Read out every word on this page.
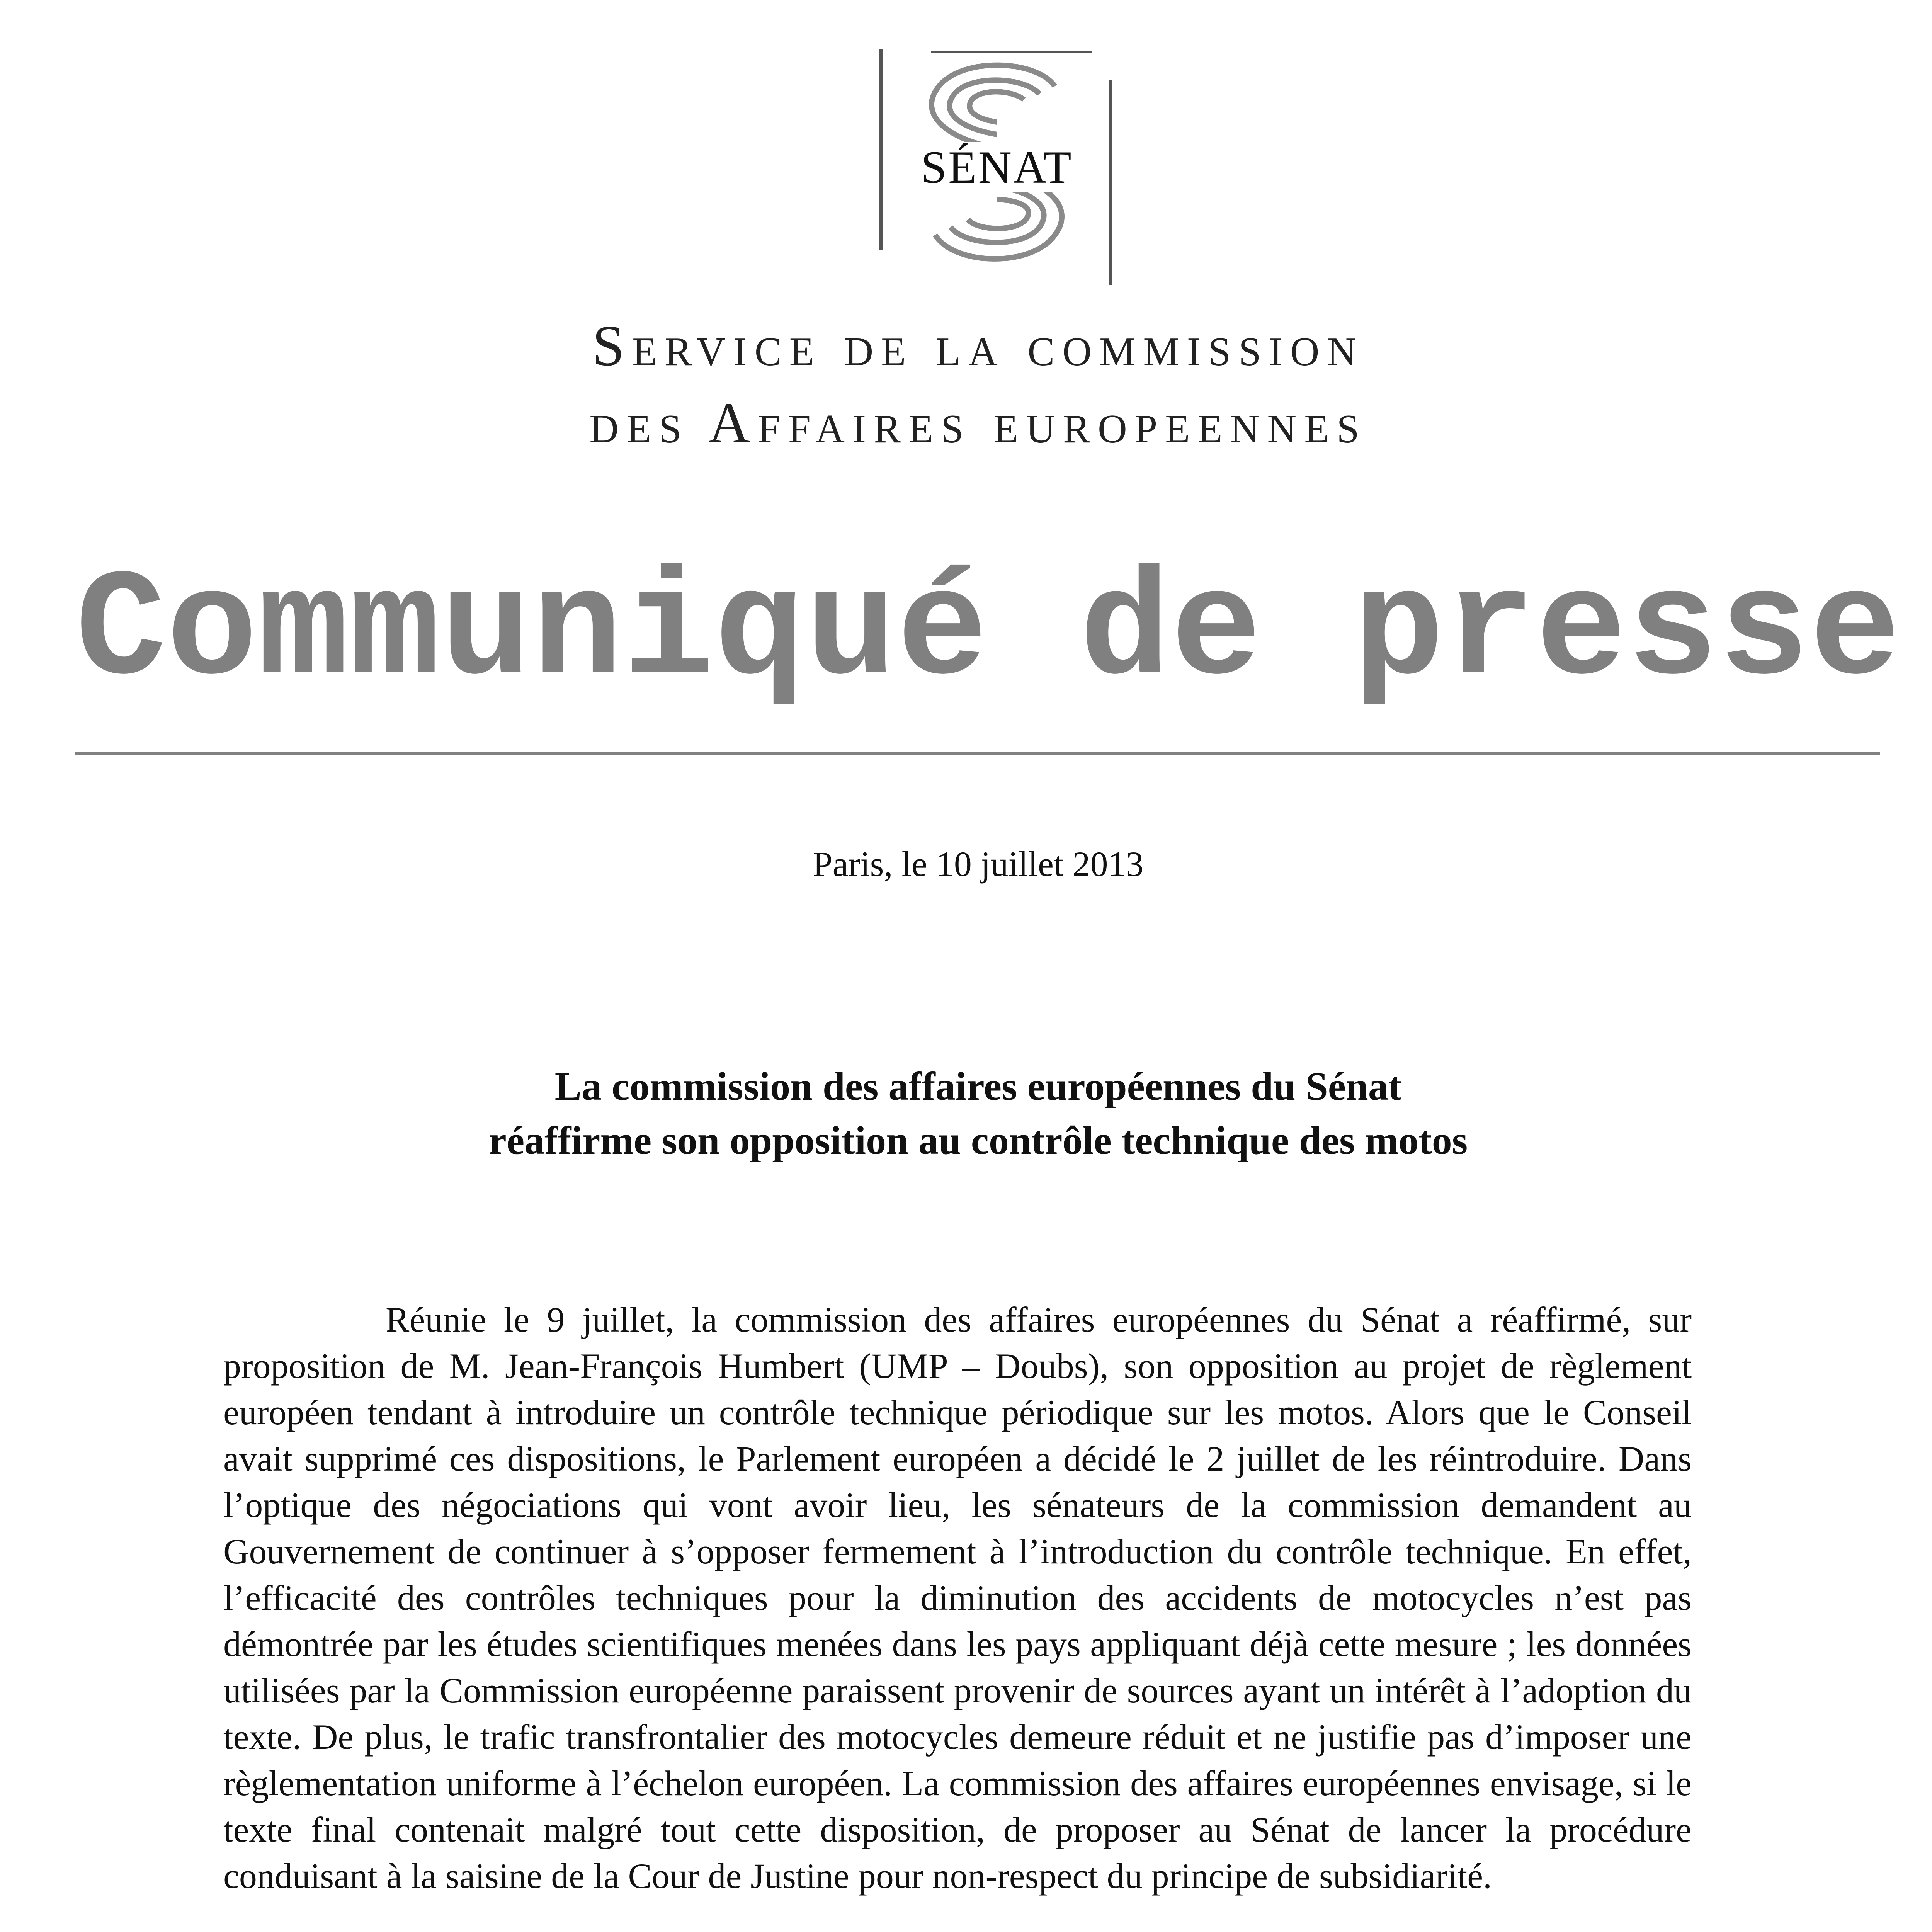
SÉNAT
Service de la commission
des Affaires europeennes
Communiqué de presse
Paris, le 10 juillet 2013
La commission des affaires européennes du Sénat
réaffirme son opposition au contrôle technique des motos
Réunie le 9 juillet, la commission des affaires européennes du Sénat a réaffirmé, sur proposition de M. Jean-François Humbert (UMP – Doubs), son opposition au projet de règlement européen tendant à introduire un contrôle technique périodique sur les motos. Alors que le Conseil avait supprimé ces dispositions, le Parlement européen a décidé le 2 juillet de les réintroduire. Dans l’optique des négociations qui vont avoir lieu, les sénateurs de la commission demandent au Gouvernement de continuer à s’opposer fermement à l’introduction du contrôle technique. En effet, l’efficacité des contrôles techniques pour la diminution des accidents de motocycles n’est pas démontrée par les études scientifiques menées dans les pays appliquant déjà cette mesure ; les données utilisées par la Commission européenne paraissent provenir de sources ayant un intérêt à l’adoption du texte. De plus, le trafic transfrontalier des motocycles demeure réduit et ne justifie pas d’imposer une règlementation uniforme à l’échelon européen. La commission des affaires européennes envisage, si le texte final contenait malgré tout cette disposition, de proposer au Sénat de lancer la procédure conduisant à la saisine de la Cour de Justine pour non-respect du principe de subsidiarité.
